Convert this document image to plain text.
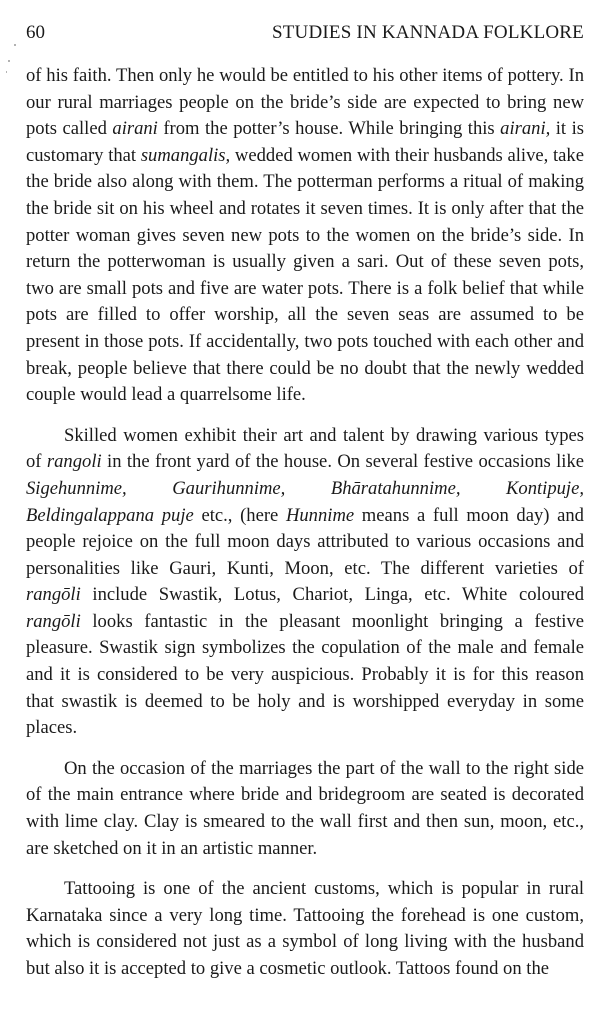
60	STUDIES IN KANNADA FOLKLORE

of his faith. Then only he would be entitled to his other items of pottery. In our rural marriages people on the bride’s side are expected to bring new pots called airani from the potter’s house. While bringing this airani, it is customary that sumangalis, wedded women with their husbands alive, take the bride also along with them. The potterman performs a ritual of making the bride sit on his wheel and rotates it seven times. It is only after that the potter woman gives seven new pots to the women on the bride’s side. In return the potterwoman is usually given a sari. Out of these seven pots, two are small pots and five are water pots. There is a folk belief that while pots are filled to offer worship, all the seven seas are assumed to be present in those pots. If accidentally, two pots touched with each other and break, people believe that there could be no doubt that the newly wedded couple would lead a quarrelsome life.

Skilled women exhibit their art and talent by drawing various types of rangoli in the front yard of the house. On several festive occasions like Sigehunnime, Gaurihunnime, Bhāratahunnime, Kontipuje, Beldingalappana puje etc., (here Hunnime means a full moon day) and people rejoice on the full moon days attributed to various occasions and personalities like Gauri, Kunti, Moon, etc. The different varieties of rangōli include Swastik, Lotus, Chariot, Linga, etc. White coloured rangōli looks fantastic in the pleasant moonlight bringing a festive pleasure. Swastik sign symbolizes the copulation of the male and female and it is considered to be very auspicious. Probably it is for this reason that swastik is deemed to be holy and is worshipped everyday in some places.

On the occasion of the marriages the part of the wall to the right side of the main entrance where bride and bridegroom are seated is decorated with lime clay. Clay is smeared to the wall first and then sun, moon, etc., are sketched on it in an artistic manner.

Tattooing is one of the ancient customs, which is popular in rural Karnataka since a very long time. Tattooing the forehead is one custom, which is considered not just as a symbol of long living with the husband but also it is accepted to give a cosmetic outlook. Tattoos found on the
